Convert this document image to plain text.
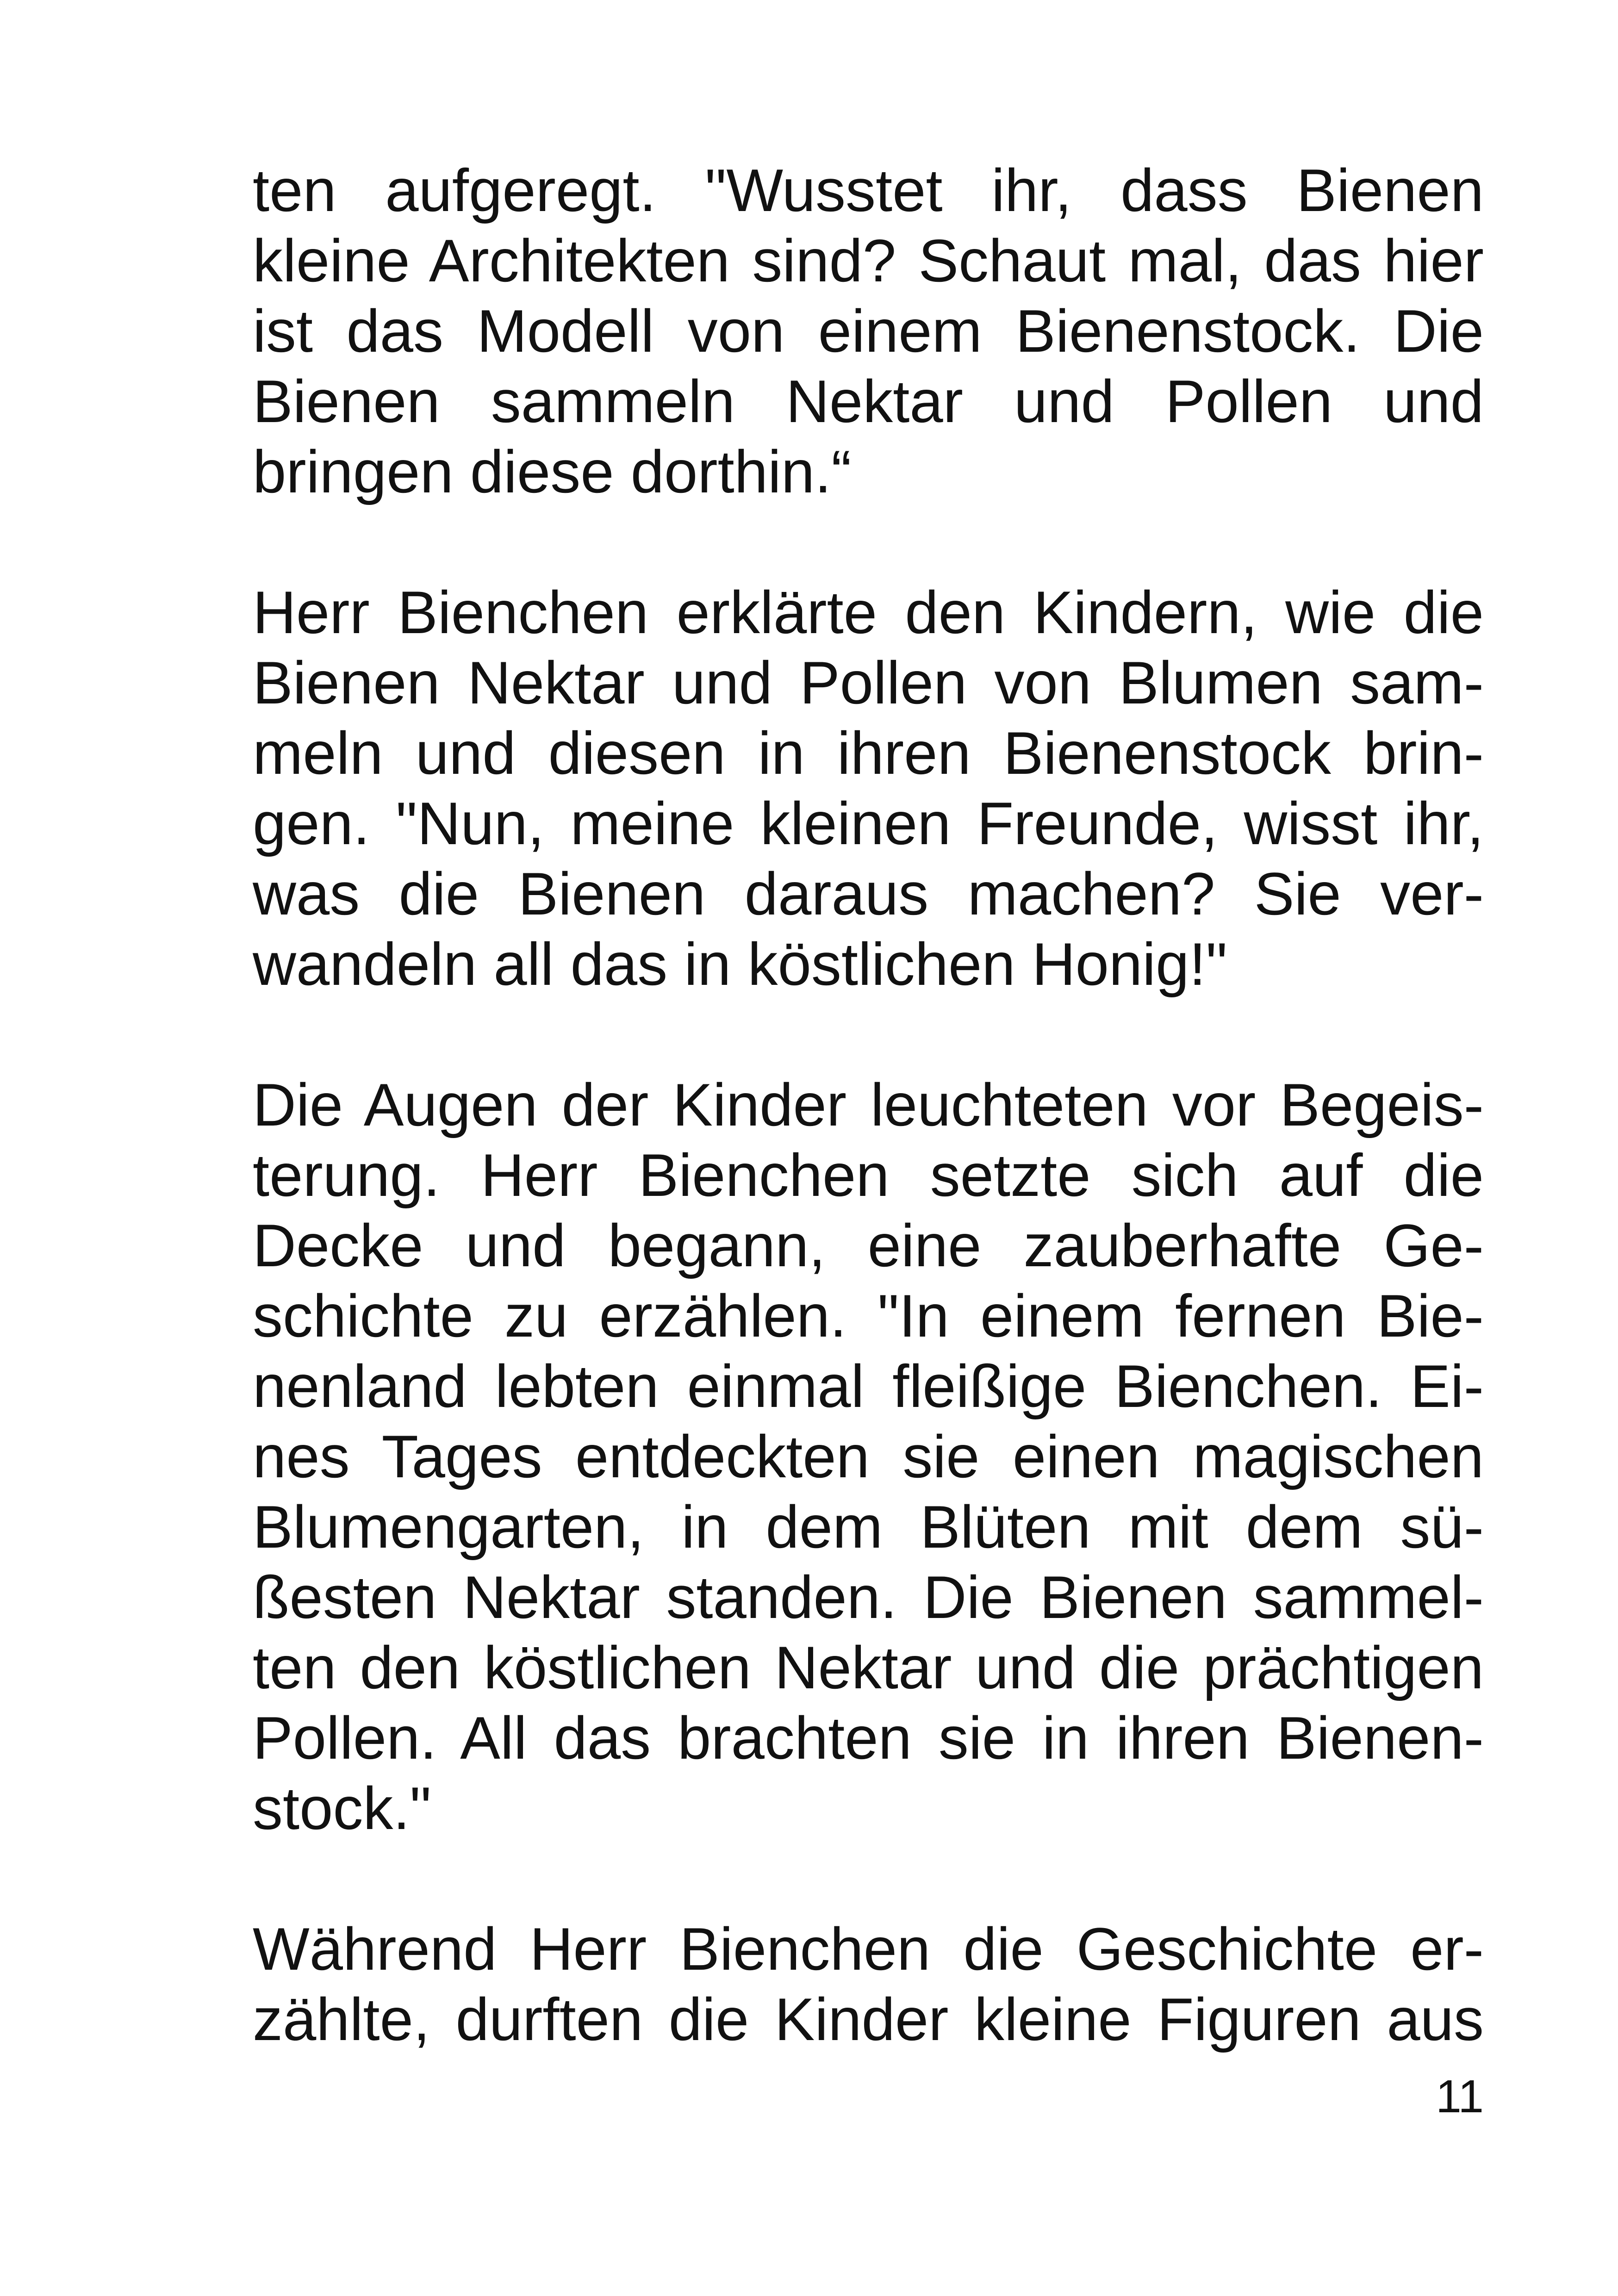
ten aufgeregt. "Wusstet ihr, dass Bienen
kleine Architekten sind? Schaut mal, das hier
ist das Modell von einem Bienenstock. Die
Bienen sammeln Nektar und Pollen und
bringen diese dorthin.“
Herr Bienchen erklärte den Kindern, wie die
Bienen Nektar und Pollen von Blumen sam-
meln und diesen in ihren Bienenstock brin-
gen. "Nun, meine kleinen Freunde, wisst ihr,
was die Bienen daraus machen? Sie ver-
wandeln all das in köstlichen Honig!"
Die Augen der Kinder leuchteten vor Begeis-
terung. Herr Bienchen setzte sich auf die
Decke und begann, eine zauberhafte Ge-
schichte zu erzählen. "In einem fernen Bie-
nenland lebten einmal fleißige Bienchen. Ei-
nes Tages entdeckten sie einen magischen
Blumengarten, in dem Blüten mit dem sü-
ßesten Nektar standen. Die Bienen sammel-
ten den köstlichen Nektar und die prächtigen
Pollen. All das brachten sie in ihren Bienen-
stock."
Während Herr Bienchen die Geschichte er-
zählte, durften die Kinder kleine Figuren aus
11
